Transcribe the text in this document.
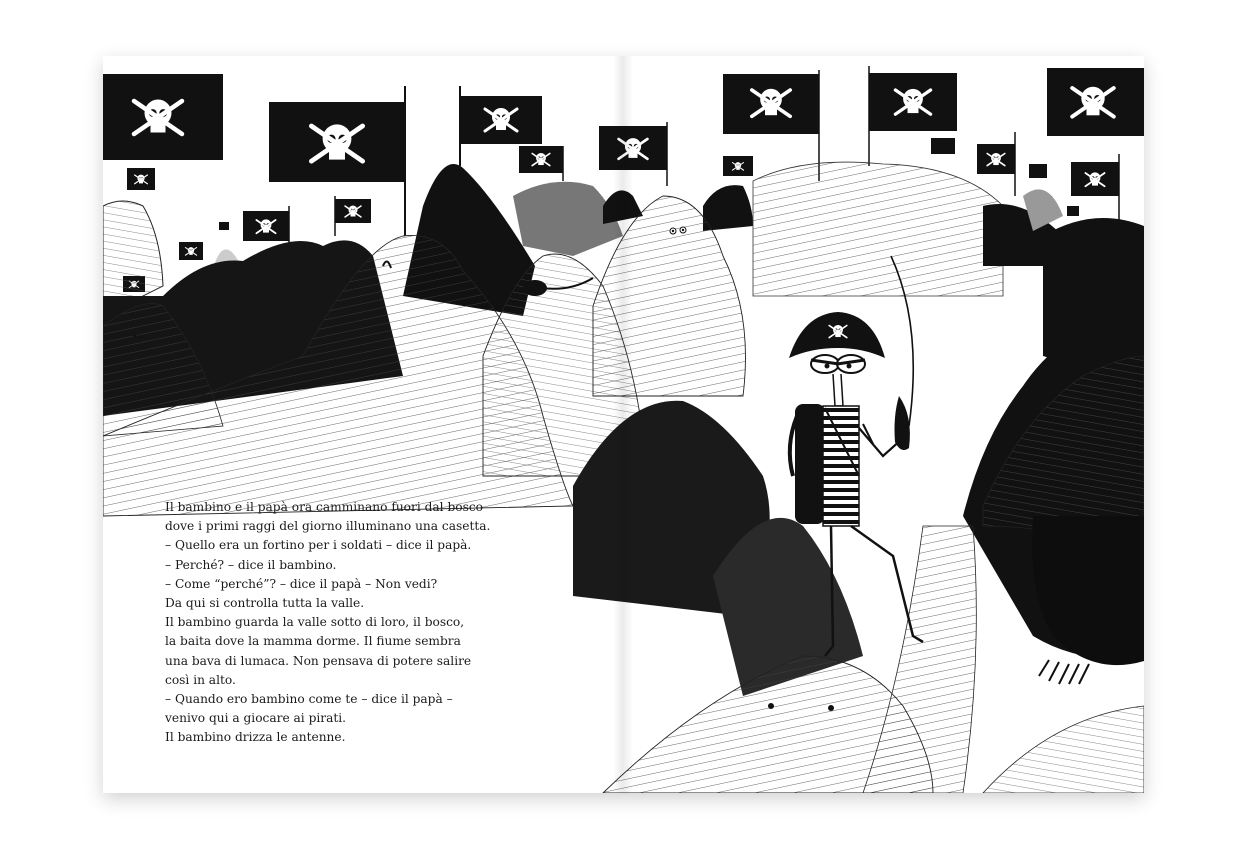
Il bambino e il papà ora camminano fuori dal bosco
dove i primi raggi del giorno illuminano una casetta.
– Quello era un fortino per i soldati – dice il papà.
– Perché? – dice il bambino.
– Come “perché”? – dice il papà – Non vedi?
Da qui si controlla tutta la valle.
Il bambino guarda la valle sotto di loro, il bosco,
la baita dove la mamma dorme. Il fiume sembra
una bava di lumaca. Non pensava di potere salire
così in alto.
– Quando ero bambino come te – dice il papà –
venivo qui a giocare ai pirati.
Il bambino drizza le antenne.
